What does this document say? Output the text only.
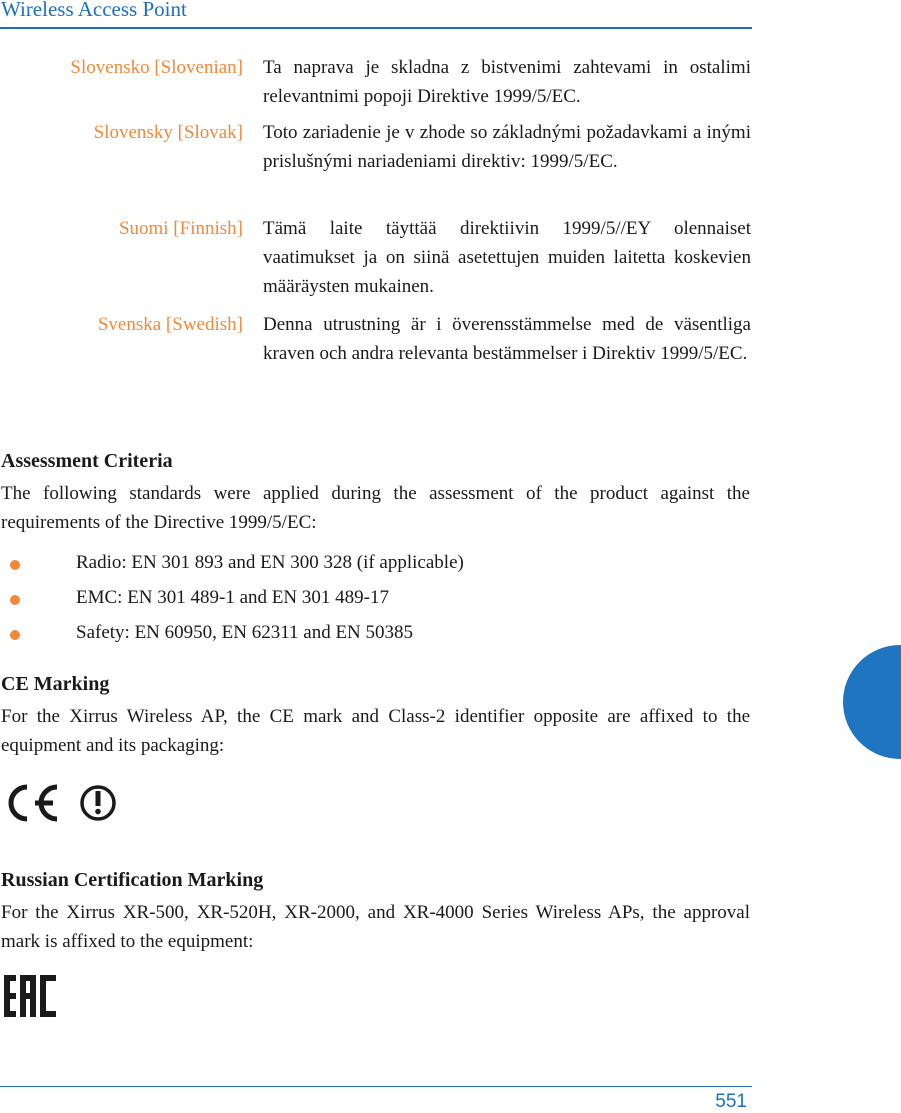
Wireless Access Point
Slovensko [Slovenian] Ta naprava je skladna z bistvenimi zahtevami in ostalimi relevantnimi popoji Direktive 1999/5/EC.
Slovensky [Slovak] Toto zariadenie je v zhode so základnými požadavkami a inými prislušnými nariadeniami direktiv: 1999/5/EC.
Suomi [Finnish] Tämä laite täyttää direktiivin 1999/5//EY olennaiset vaatimukset ja on siinä asetettujen muiden laitetta koskevien määräysten mukainen.
Svenska [Swedish] Denna utrustning är i överensstämmelse med de väsentliga kraven och andra relevanta bestämmelser i Direktiv 1999/5/EC.
Assessment Criteria
The following standards were applied during the assessment of the product against the requirements of the Directive 1999/5/EC:
Radio: EN 301 893 and EN 300 328 (if applicable)
EMC: EN 301 489-1 and EN 301 489-17
Safety: EN 60950, EN 62311 and EN 50385
CE Marking
For the Xirrus Wireless AP, the CE mark and Class-2 identifier opposite are affixed to the equipment and its packaging:
Russian Certification Marking
For the Xirrus XR-500, XR-520H, XR-2000, and XR-4000 Series Wireless APs, the approval mark is affixed to the equipment:
551
